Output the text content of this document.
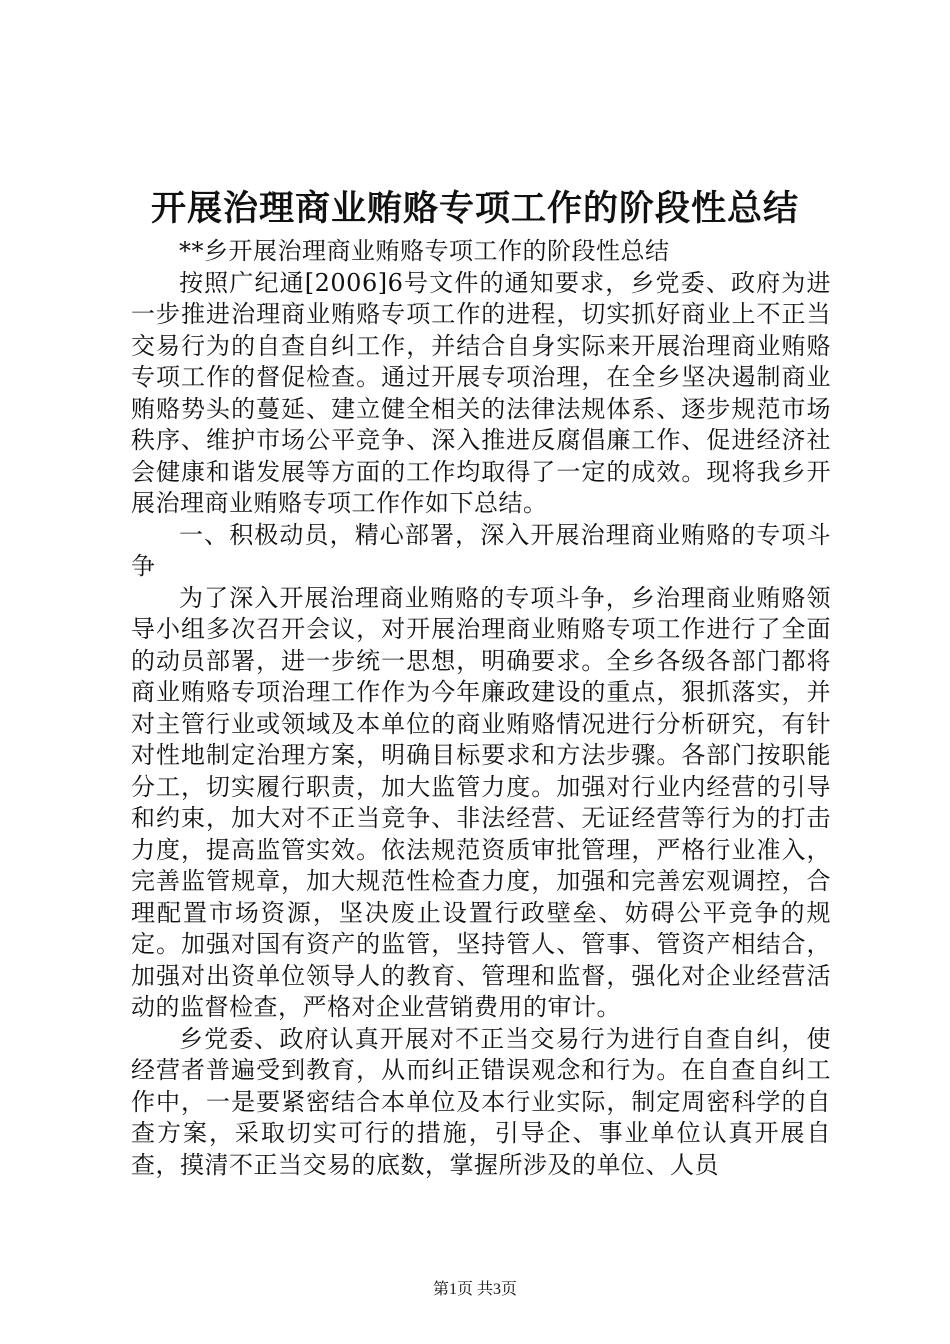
开展治理商业贿赂专项工作的阶段性总结

**乡开展治理商业贿赂专项工作的阶段性总结

按照广纪通[2006]6号文件的通知要求，乡党委、政府为进一步推进治理商业贿赂专项工作的进程，切实抓好商业上不正当交易行为的自查自纠工作，并结合自身实际来开展治理商业贿赂专项工作的督促检查。通过开展专项治理，在全乡坚决遏制商业贿赂势头的蔓延、建立健全相关的法律法规体系、逐步规范市场秩序、维护市场公平竞争、深入推进反腐倡廉工作、促进经济社会健康和谐发展等方面的工作均取得了一定的成效。现将我乡开展治理商业贿赂专项工作作如下总结。

一、积极动员，精心部署，深入开展治理商业贿赂的专项斗争

为了深入开展治理商业贿赂的专项斗争，乡治理商业贿赂领导小组多次召开会议，对开展治理商业贿赂专项工作进行了全面的动员部署，进一步统一思想，明确要求。全乡各级各部门都将商业贿赂专项治理工作作为今年廉政建设的重点，狠抓落实，并对主管行业或领域及本单位的商业贿赂情况进行分析研究，有针对性地制定治理方案，明确目标要求和方法步骤。各部门按职能分工，切实履行职责，加大监管力度。加强对行业内经营的引导和约束，加大对不正当竞争、非法经营、无证经营等行为的打击力度，提高监管实效。依法规范资质审批管理，严格行业准入，完善监管规章，加大规范性检查力度，加强和完善宏观调控，合理配置市场资源，坚决废止设置行政壁垒、妨碍公平竞争的规定。加强对国有资产的监管，坚持管人、管事、管资产相结合，加强对出资单位领导人的教育、管理和监督，强化对企业经营活动的监督检查，严格对企业营销费用的审计。

乡党委、政府认真开展对不正当交易行为进行自查自纠，使经营者普遍受到教育，从而纠正错误观念和行为。在自查自纠工作中，一是要紧密结合本单位及本行业实际，制定周密科学的自查方案，采取切实可行的措施，引导企、事业单位认真开展自查，摸清不正当交易的底数，掌握所涉及的单位、人员

第1页 共3页
